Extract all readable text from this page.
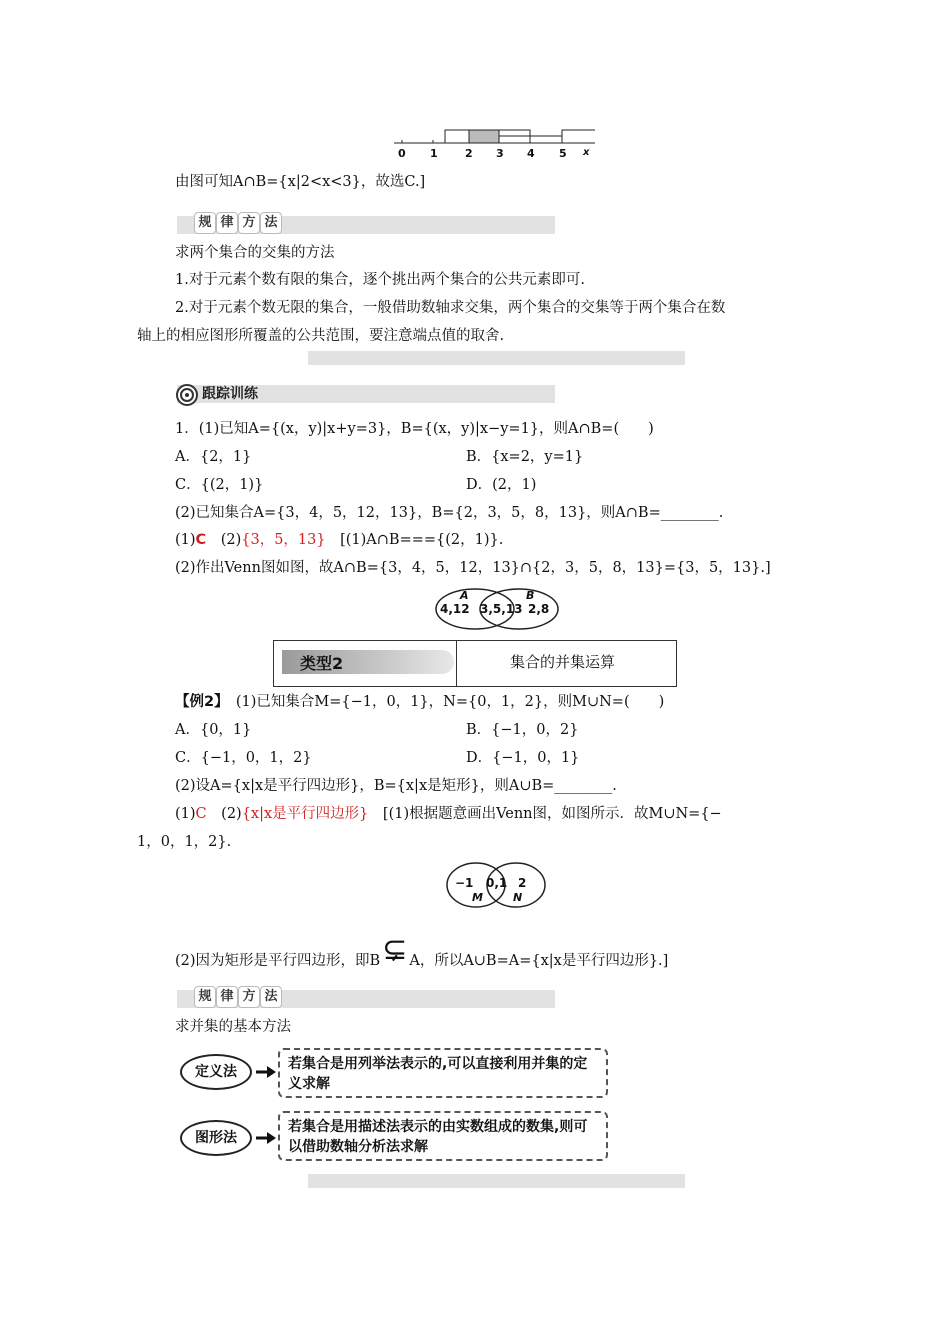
0 1 2 3 4 5 x
由图可知A∩B={x|2<x<3}，故选C.]
规 律 方 法
求两个集合的交集的方法
1.对于元素个数有限的集合，逐个挑出两个集合的公共元素即可.
2.对于元素个数无限的集合，一般借助数轴求交集，两个集合的交集等于两个集合在数
轴上的相应图形所覆盖的公共范围，要注意端点值的取舍.
跟踪训练
1．(1)已知A={(x，y)|x+y=3}，B={(x，y)|x−y=1}，则A∩B=(　　)
A．{2，1}	B．{x=2，y=1}
C．{(2，1)}	D．(2，1)
(2)已知集合A={3，4，5，12，13}，B={2，3，5，8，13}，则A∩B=________.
(1)C　(2){3，5，13}　[(1)A∩B==={(2，1)}.
(2)作出Venn图如图，故A∩B={3，4，5，12，13}∩{2，3，5，8，13}={3，5，13}.]
A	B
4,12 3,5,13 2,8
类型2	集合的并集运算
【例2】　(1)已知集合M={−1，0，1}，N={0，1，2}，则M∪N=(　　)
A．{0，1}	B．{−1，0，2}
C．{−1，0，1，2}	D．{−1，0，1}
(2)设A={x|x是平行四边形}，B={x|x是矩形}，则A∪B=________.
(1)C　(2){x|x是平行四边形}　[(1)根据题意画出Venn图，如图所示．故M∪N={−
1，0，1，2}.
−1 0,1 2
M	N
(2)因为矩形是平行四边形，即B⊊ A，所以A∪B=A={x|x是平行四边形}.]
规 律 方 法
求并集的基本方法
定义法	若集合是用列举法表示的,可以直接利用并集的定义求解
图形法
若集合是用描述法表示的由实数组成的数集,则可以借助数轴分析法求解
